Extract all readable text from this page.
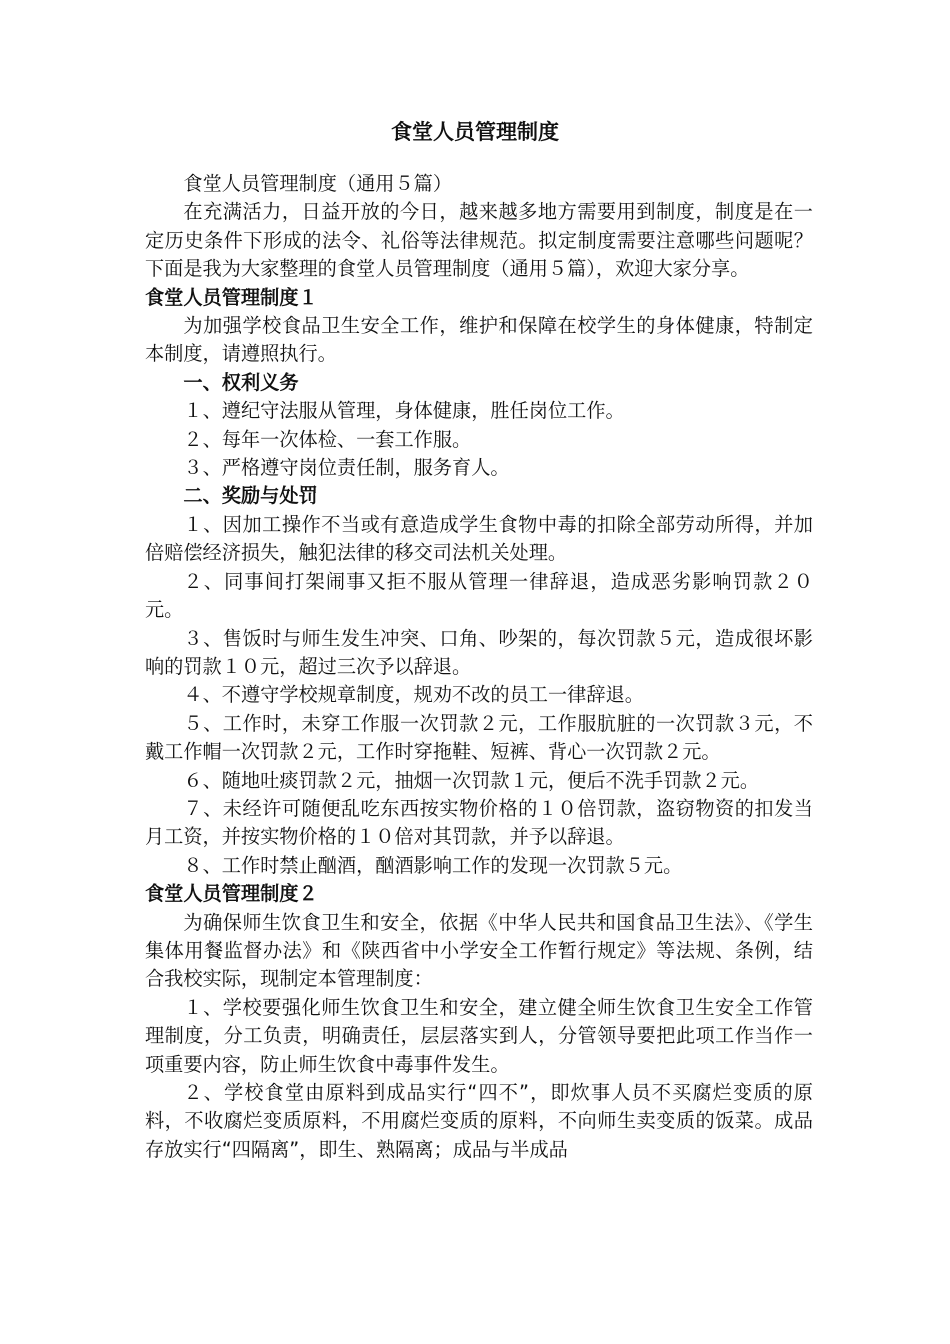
食堂人员管理制度

食堂人员管理制度（通用５篇）

在充满活力，日益开放的今日，越来越多地方需要用到制度，制度是在一定历史条件下形成的法令、礼俗等法律规范。拟定制度需要注意哪些问题呢？下面是我为大家整理的食堂人员管理制度（通用５篇），欢迎大家分享。

食堂人员管理制度１

为加强学校食品卫生安全工作，维护和保障在校学生的身体健康，特制定本制度，请遵照执行。

一、权利义务

１、遵纪守法服从管理，身体健康，胜任岗位工作。

２、每年一次体检、一套工作服。

３、严格遵守岗位责任制，服务育人。

二、奖励与处罚

１、因加工操作不当或有意造成学生食物中毒的扣除全部劳动所得，并加倍赔偿经济损失，触犯法律的移交司法机关处理。

２、同事间打架闹事又拒不服从管理一律辞退，造成恶劣影响罚款２０元。

３、售饭时与师生发生冲突、口角、吵架的，每次罚款５元，造成很坏影响的罚款１０元，超过三次予以辞退。

４、不遵守学校规章制度，规劝不改的员工一律辞退。

５、工作时，未穿工作服一次罚款２元，工作服肮脏的一次罚款３元，不戴工作帽一次罚款２元，工作时穿拖鞋、短裤、背心一次罚款２元。

６、随地吐痰罚款２元，抽烟一次罚款１元，便后不洗手罚款２元。

７、未经许可随便乱吃东西按实物价格的１０倍罚款，盗窃物资的扣发当月工资，并按实物价格的１０倍对其罚款，并予以辞退。

８、工作时禁止酗酒，酗酒影响工作的发现一次罚款５元。

食堂人员管理制度２

为确保师生饮食卫生和安全，依据《中华人民共和国食品卫生法》、《学生集体用餐监督办法》和《陕西省中小学安全工作暂行规定》等法规、条例，结合我校实际，现制定本管理制度：

１、学校要强化师生饮食卫生和安全，建立健全师生饮食卫生安全工作管理制度，分工负责，明确责任，层层落实到人，分管领导要把此项工作当作一项重要内容，防止师生饮食中毒事件发生。

２、学校食堂由原料到成品实行“四不”，即炊事人员不买腐烂变质的原料，不收腐烂变质原料，不用腐烂变质的原料，不向师生卖变质的饭菜。成品存放实行“四隔离”，即生、熟隔离；成品与半成品
